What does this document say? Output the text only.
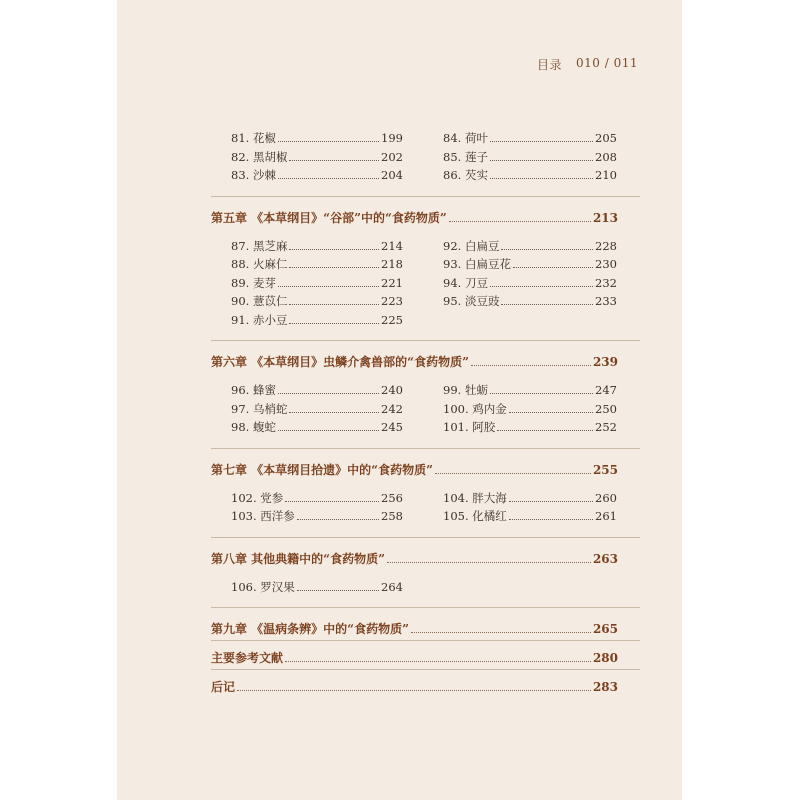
目录 010 / 011
81. 花椒	199
82. 黑胡椒	202
83. 沙棘	204
84. 荷叶	205
85. 莲子	208
86. 芡实	210
第五章 《本草纲目》“谷部”中的“食药物质”	213
87. 黑芝麻	214
88. 火麻仁	218
89. 麦芽	221
90. 薏苡仁	223
91. 赤小豆	225
92. 白扁豆	228
93. 白扁豆花	230
94. 刀豆	232
95. 淡豆豉	233
第六章 《本草纲目》虫鳞介禽兽部的“食药物质”	239
96. 蜂蜜	240
97. 乌梢蛇	242
98. 蝮蛇	245
99. 牡蛎	247
100. 鸡内金	250
101. 阿胶	252
第七章 《本草纲目拾遗》中的“食药物质”	255
102. 党参	256
103. 西洋参	258
104. 胖大海	260
105. 化橘红	261
第八章 其他典籍中的“食药物质”	263
106. 罗汉果	264
第九章 《温病条辨》中的“食药物质”	265
主要参考文献	280
后记	283
